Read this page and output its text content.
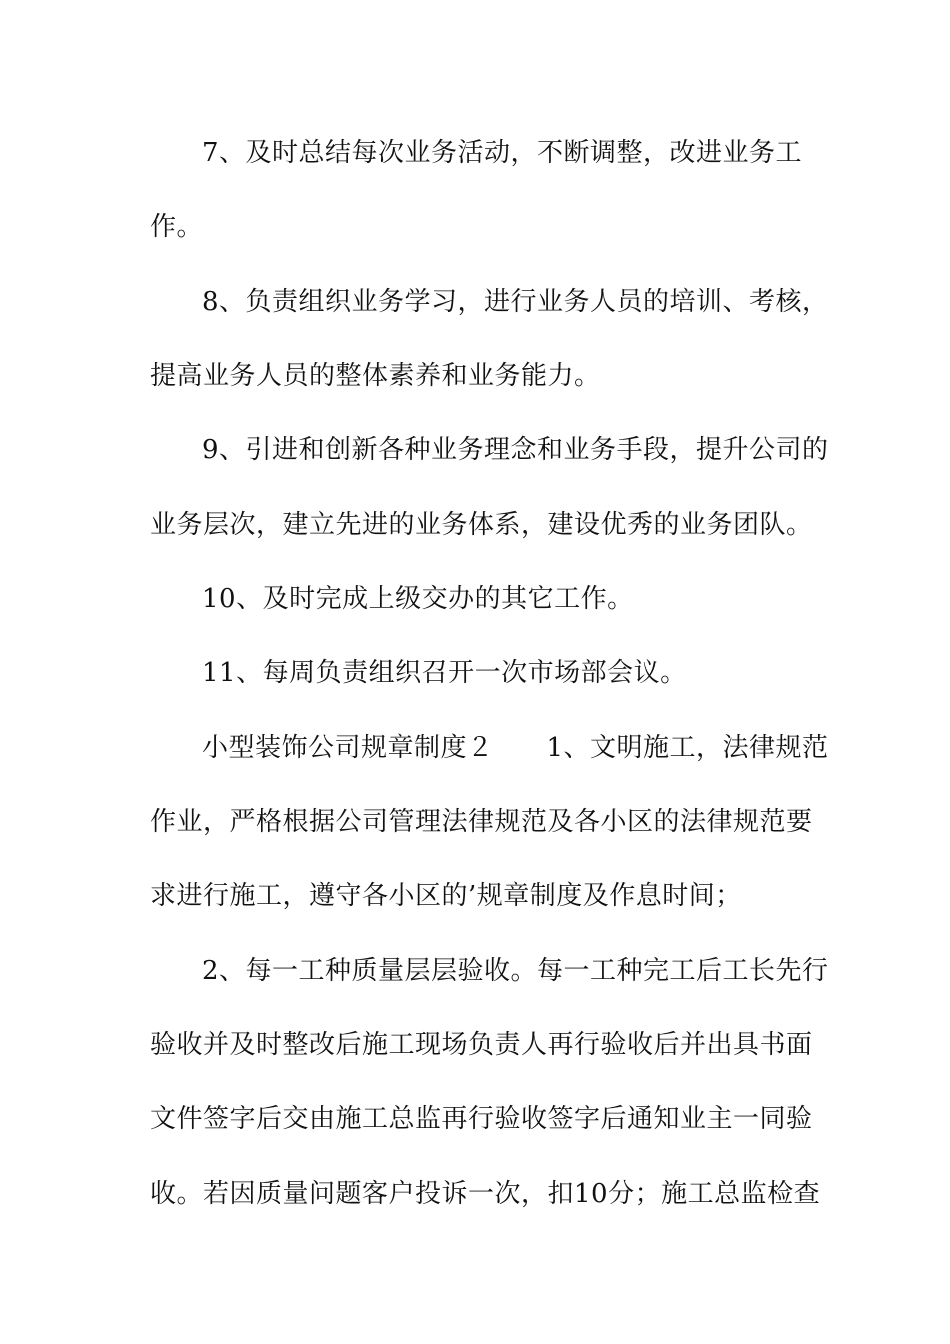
7、及时总结每次业务活动，不断调整，改进业务工
作。
8、负责组织业务学习，进行业务人员的培训、考核，
提高业务人员的整体素养和业务能力。
9、引进和创新各种业务理念和业务手段，提升公司的
业务层次，建立先进的业务体系，建设优秀的业务团队。
10、及时完成上级交办的其它工作。
11、每周负责组织召开一次市场部会议。
小型装饰公司规章制度２　　1、文明施工，法律规范
作业，严格根据公司管理法律规范及各小区的法律规范要
求进行施工，遵守各小区的’规章制度及作息时间；
2、每一工种质量层层验收。每一工种完工后工长先行
验收并及时整改后施工现场负责人再行验收后并出具书面
文件签字后交由施工总监再行验收签字后通知业主一同验
收。若因质量问题客户投诉一次，扣10分；施工总监检查
